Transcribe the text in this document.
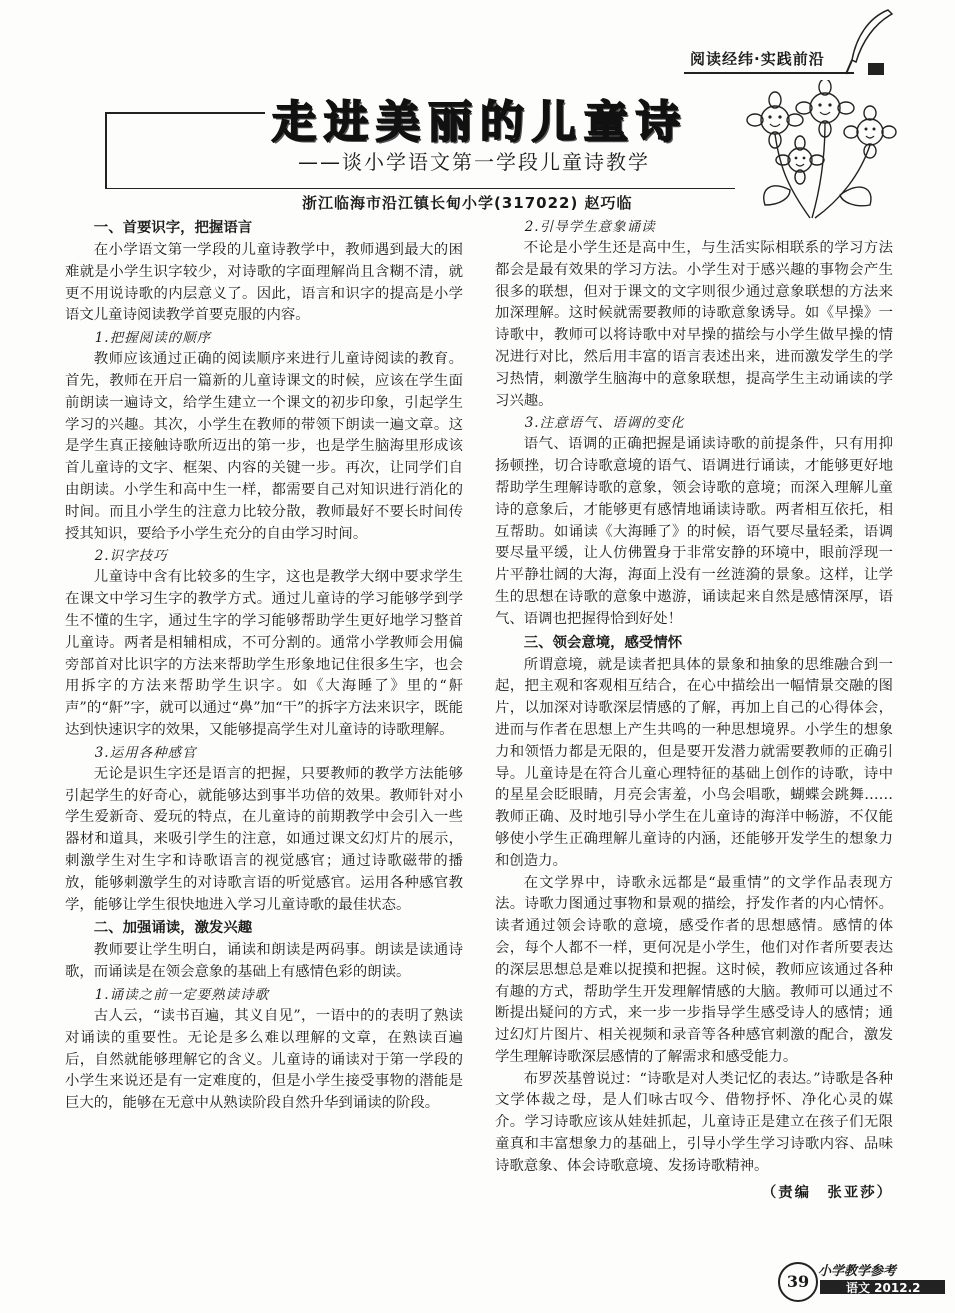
阅读经纬·实践前沿
走进美丽的儿童诗
——谈小学语文第一学段儿童诗教学
浙江临海市沿江镇长甸小学(317022) 赵巧临
一、首要识字，把握语言

在小学语文第一学段的儿童诗教学中，教师遇到最大的困难就是小学生识字较少，对诗歌的字面理解尚且含糊不清，就更不用说诗歌的内层意义了。因此，语言和识字的提高是小学语文儿童诗阅读教学首要克服的内容。

1.把握阅读的顺序

教师应该通过正确的阅读顺序来进行儿童诗阅读的教育。首先，教师在开启一篇新的儿童诗课文的时候，应该在学生面前朗读一遍诗文，给学生建立一个课文的初步印象，引起学生学习的兴趣。其次，小学生在教师的带领下朗读一遍文章。这是学生真正接触诗歌所迈出的第一步，也是学生脑海里形成该首儿童诗的文字、框架、内容的关键一步。再次，让同学们自由朗读。小学生和高中生一样，都需要自己对知识进行消化的时间。而且小学生的注意力比较分散，教师最好不要长时间传授其知识，要给予小学生充分的自由学习时间。

2.识字技巧

儿童诗中含有比较多的生字，这也是教学大纲中要求学生在课文中学习生字的教学方式。通过儿童诗的学习能够学到学生不懂的生字，通过生字的学习能够帮助学生更好地学习整首儿童诗。两者是相辅相成，不可分割的。通常小学教师会用偏旁部首对比识字的方法来帮助学生形象地记住很多生字，也会用拆字的方法来帮助学生识字。如《大海睡了》里的“鼾声”的“鼾”字，就可以通过“鼻”加“干”的拆字方法来识字，既能达到快速识字的效果，又能够提高学生对儿童诗的诗歌理解。

3.运用各种感官

无论是识生字还是语言的把握，只要教师的教学方法能够引起学生的好奇心，就能够达到事半功倍的效果。教师针对小学生爱新奇、爱玩的特点，在儿童诗的前期教学中会引入一些器材和道具，来吸引学生的注意，如通过课文幻灯片的展示，刺激学生对生字和诗歌语言的视觉感官；通过诗歌磁带的播放，能够刺激学生的对诗歌言语的听觉感官。运用各种感官教学，能够让学生很快地进入学习儿童诗歌的最佳状态。

二、加强诵读，激发兴趣

教师要让学生明白，诵读和朗读是两码事。朗读是读通诗歌，而诵读是在领会意象的基础上有感情色彩的朗读。

1.诵读之前一定要熟读诗歌

古人云，“读书百遍，其义自见”，一语中的的表明了熟读对诵读的重要性。无论是多么难以理解的文章，在熟读百遍后，自然就能够理解它的含义。儿童诗的诵读对于第一学段的小学生来说还是有一定难度的，但是小学生接受事物的潜能是巨大的，能够在无意中从熟读阶段自然升华到诵读的阶段。

2.引导学生意象诵读

不论是小学生还是高中生，与生活实际相联系的学习方法都会是最有效果的学习方法。小学生对于感兴趣的事物会产生很多的联想，但对于课文的文字则很少通过意象联想的方法来加深理解。这时候就需要教师的诗歌意象诱导。如《早操》一诗歌中，教师可以将诗歌中对早操的描绘与小学生做早操的情况进行对比，然后用丰富的语言表述出来，进而激发学生的学习热情，刺激学生脑海中的意象联想，提高学生主动诵读的学习兴趣。

3.注意语气、语调的变化

语气、语调的正确把握是诵读诗歌的前提条件，只有用抑扬顿挫，切合诗歌意境的语气、语调进行诵读，才能够更好地帮助学生理解诗歌的意象，领会诗歌的意境；而深入理解儿童诗的意象后，才能够更有感情地诵读诗歌。两者相互依托，相互帮助。如诵读《大海睡了》的时候，语气要尽量轻柔，语调要尽量平缓，让人仿佛置身于非常安静的环境中，眼前浮现一片平静壮阔的大海，海面上没有一丝涟漪的景象。这样，让学生的思想在诗歌的意象中遨游，诵读起来自然是感情深厚，语气、语调也把握得恰到好处！

三、领会意境，感受情怀

所谓意境，就是读者把具体的景象和抽象的思维融合到一起，把主观和客观相互结合，在心中描绘出一幅情景交融的图片，以加深对诗歌深层情感的了解，再加上自己的心得体会，进而与作者在思想上产生共鸣的一种思想境界。小学生的想象力和领悟力都是无限的，但是要开发潜力就需要教师的正确引导。儿童诗是在符合儿童心理特征的基础上创作的诗歌，诗中的星星会眨眼睛，月亮会害羞，小鸟会唱歌，蝴蝶会跳舞……教师正确、及时地引导小学生在儿童诗的海洋中畅游，不仅能够使小学生正确理解儿童诗的内涵，还能够开发学生的想象力和创造力。

在文学界中，诗歌永远都是“最重情”的文学作品表现方法。诗歌力图通过事物和景观的描绘，抒发作者的内心情怀。读者通过领会诗歌的意境，感受作者的思想感情。感情的体会，每个人都不一样，更何况是小学生，他们对作者所要表达的深层思想总是难以捉摸和把握。这时候，教师应该通过各种有趣的方式，帮助学生开发理解情感的大脑。教师可以通过不断提出疑问的方式，来一步一步指导学生感受诗人的感情；通过幻灯片图片、相关视频和录音等各种感官刺激的配合，激发学生理解诗歌深层感情的了解需求和感受能力。

布罗茨基曾说过：“诗歌是对人类记忆的表达。”诗歌是各种文学体裁之母，是人们咏古叹今、借物抒怀、净化心灵的媒介。学习诗歌应该从娃娃抓起，儿童诗正是建立在孩子们无限童真和丰富想象力的基础上，引导小学生学习诗歌内容、品味诗歌意象、体会诗歌意境、发扬诗歌精神。

（责编　张亚莎）

39
小学教学参考
语文 2012.2
